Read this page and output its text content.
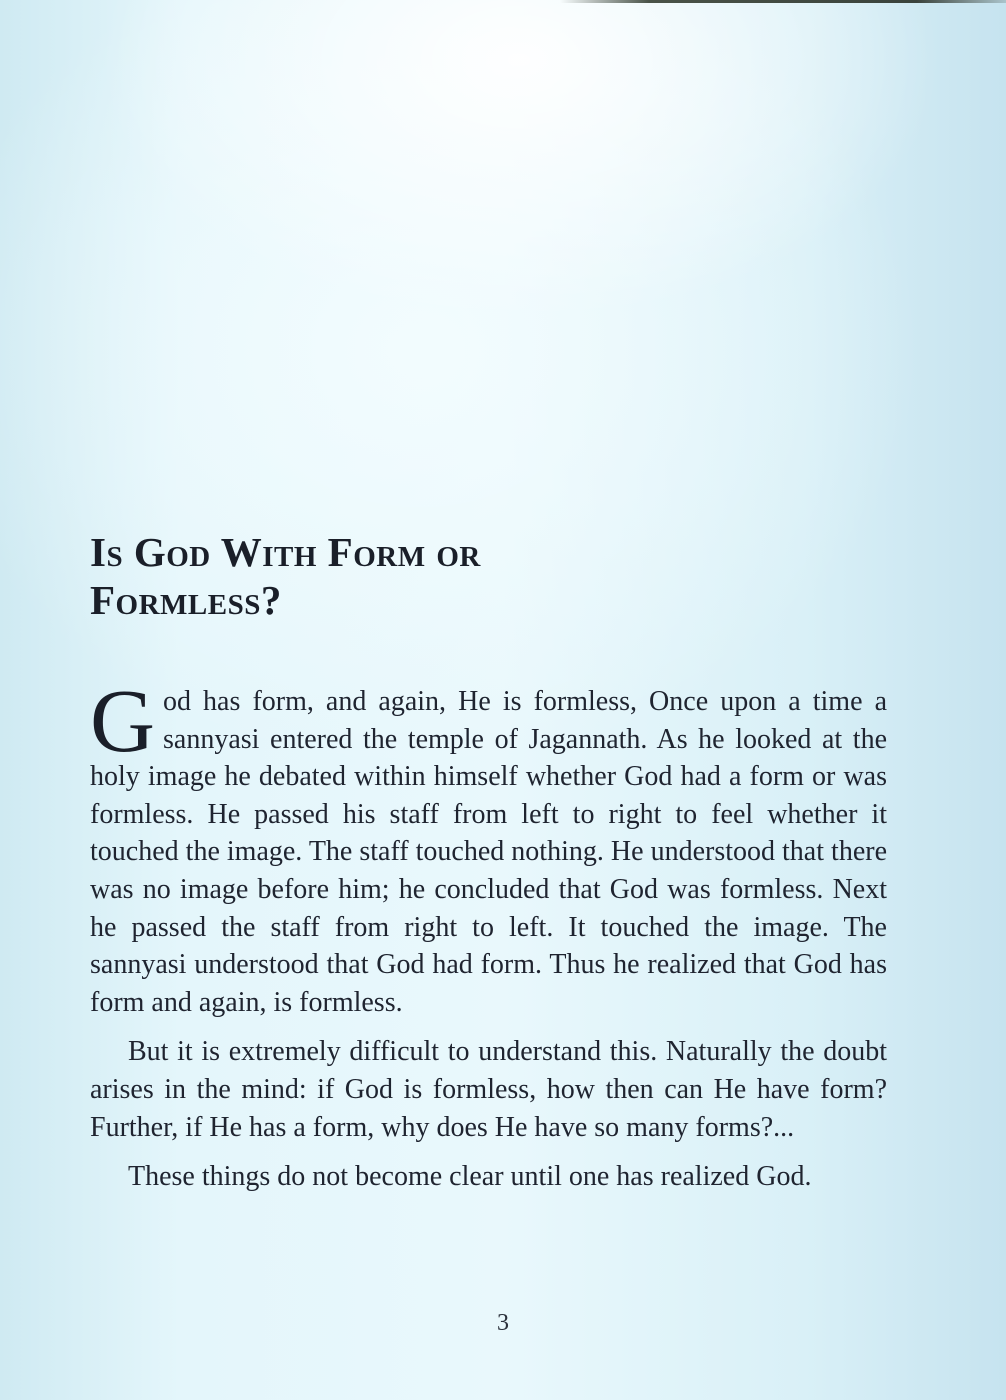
Is God With Form or Formless?

God has form, and again, He is formless, Once upon a time a sannyasi entered the temple of Jagannath. As he looked at the holy image he debated within himself whether God had a form or was formless. He passed his staff from left to right to feel whether it touched the image. The staff touched nothing. He understood that there was no image before him; he concluded that God was formless. Next he passed the staff from right to left. It touched the image. The sannyasi understood that God had form. Thus he realized that God has form and again, is formless.

But it is extremely difficult to understand this. Naturally the doubt arises in the mind: if God is formless, how then can He have form? Further, if He has a form, why does He have so many forms?...

These things do not become clear until one has realized God.

3
